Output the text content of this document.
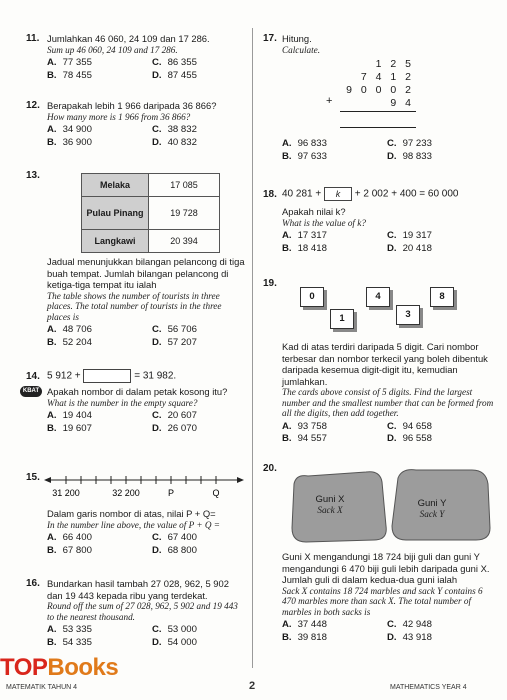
11. Jumlahkan 46 060, 24 109 dan 17 286.
Sum up 46 060, 24 109 and 17 286.
A. 77 355	C. 86 355
B. 78 455	D. 87 455
12. Berapakah lebih 1 966 daripada 36 866?
How many more is 1 966 from 36 866?
A. 34 900	C. 38 832
B. 36 900	D. 40 832
13.
Melaka	17 085
Pulau Pinang	19 728
Langkawi	20 394
Jadual menunjukkan bilangan pelancong di tiga buah tempat. Jumlah bilangan pelancong di ketiga-tiga tempat itu ialah
The table shows the number of tourists in three places. The total number of tourists in the three places is
A. 48 706	C. 56 706
B. 52 204	D. 57 207
14.
KBAT
5 912 +	= 31 982.
Apakah nombor di dalam petak kosong itu?
What is the number in the empty square?
A. 19 404	C. 20 607
B. 19 607	D. 26 070
15.
31 200	32 200	P	Q
Dalam garis nombor di atas, nilai P + Q=
In the number line above, the value of P + Q =
A. 66 400	C. 67 400
B. 67 800	D. 68 800
16. Bundarkan hasil tambah 27 028, 962, 5 902 dan 19 443 kepada ribu yang terdekat.
Round off the sum of 27 028, 962, 5 902 and 19 443 to the nearest thousand.
A. 53 335	C. 53 000
B. 54 335	D. 54 000
17. Hitung.
Calculate.
1 2 5
7 4 1 2
9 0 0 0 2
9 4
+
A. 96 833	C. 97 233
B. 97 633	D. 98 833
18. 40 281 + k + 2 002 + 400 = 60 000
Apakah nilai k?
What is the value of k?
A. 17 317	C. 19 317
B. 18 418	D. 20 418
19.
0
1
4
3
8
Kad di atas terdiri daripada 5 digit. Cari nombor terbesar dan nombor terkecil yang boleh dibentuk daripada kesemua digit-digit itu, kemudian jumlahkan.
The cards above consist of 5 digits. Find the largest number and the smallest number that can be formed from all the digits, then add together.
A. 93 758	C. 94 658
B. 94 557	D. 96 558
20.
Guni X
Sack X
Guni Y
Sack Y
Guni X mengandungi 18 724 biji guli dan guni Y mengandungi 6 470 biji guli lebih daripada guni X. Jumlah guli di dalam kedua-dua guni ialah
Sack X contains 18 724 marbles and sack Y contains 6 470 marbles more than sack X. The total number of marbles in both sacks is
A. 37 448	C. 42 948
B. 39 818	D. 43 918
TOPBooks
MATEMATIK TAHUN 4	2	MATHEMATICS YEAR 4
